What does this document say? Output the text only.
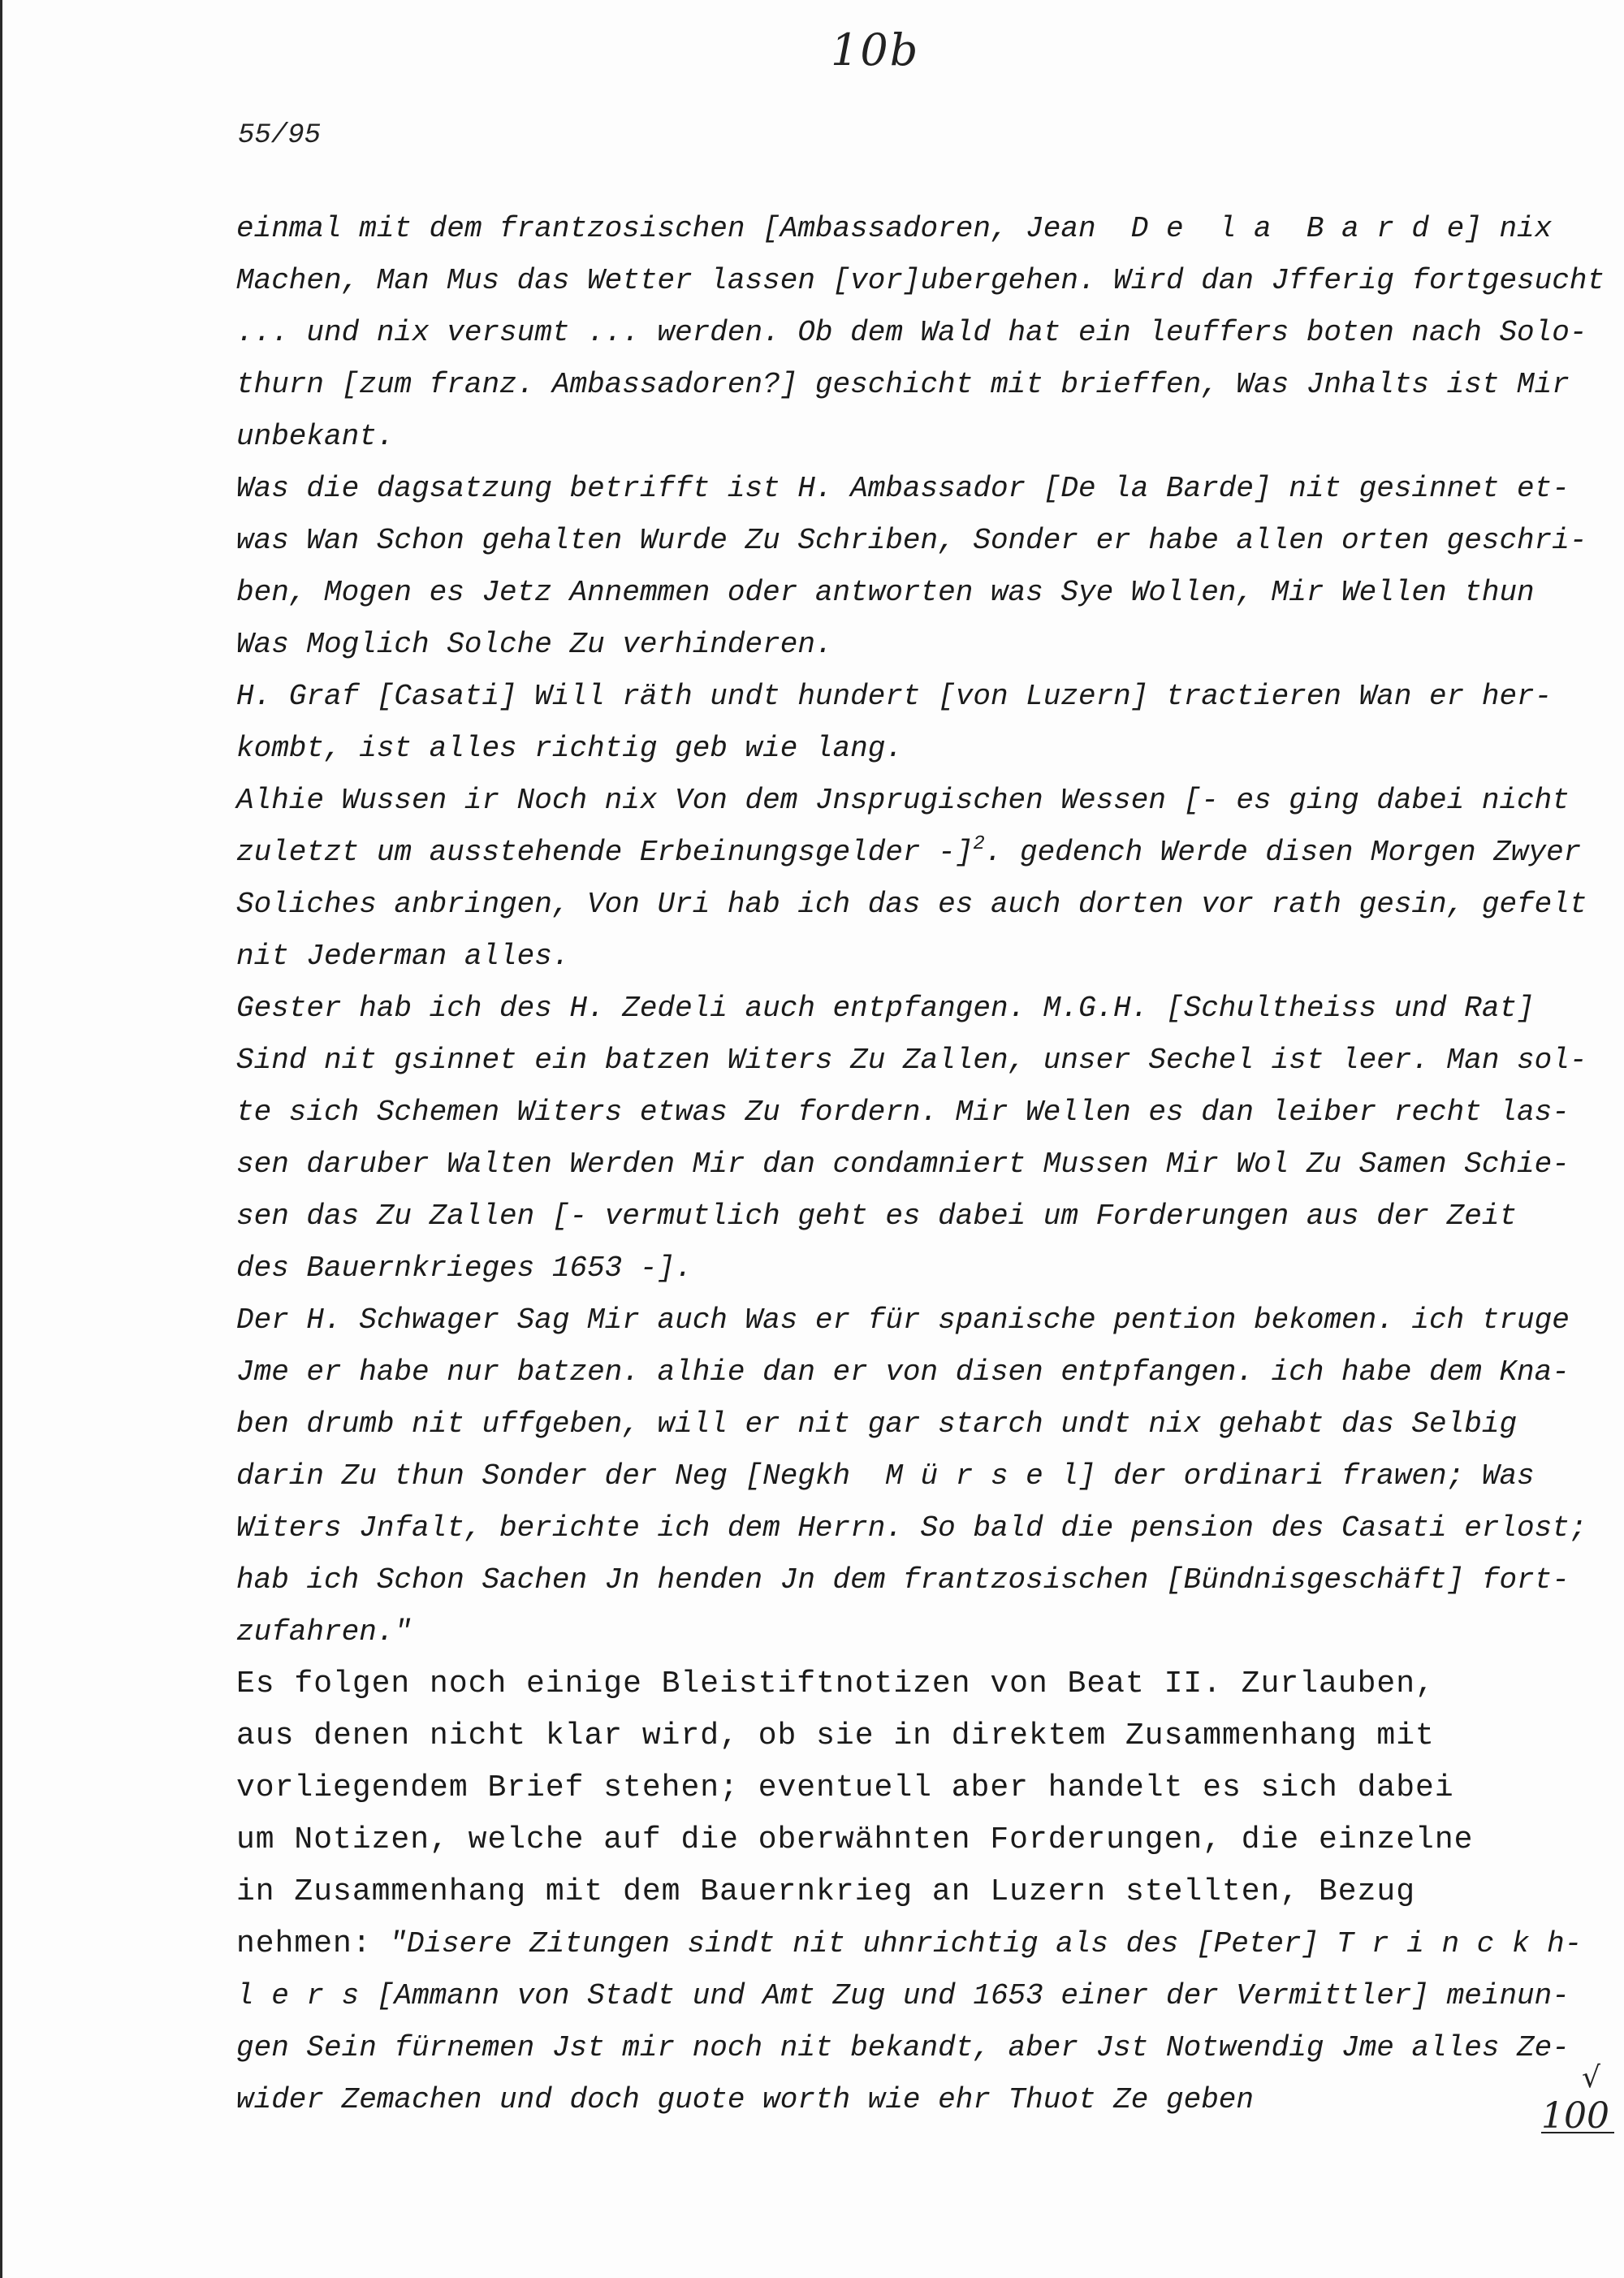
10b
55/95
einmal mit dem frantzosischen [Ambassadoren, Jean  D e  l a  B a r d e] nix
Machen, Man Mus das Wetter lassen [vor]ubergehen. Wird dan Jfferig fortgesucht
... und nix versumt ... werden. Ob dem Wald hat ein leuffers boten nach Solo-
thurn [zum franz. Ambassadoren?] geschicht mit brieffen, Was Jnhalts ist Mir
unbekant.
Was die dagsatzung betrifft ist H. Ambassador [De la Barde] nit gesinnet et-
was Wan Schon gehalten Wurde Zu Schriben, Sonder er habe allen orten geschri-
ben, Mogen es Jetz Annemmen oder antworten was Sye Wollen, Mir Wellen thun
Was Moglich Solche Zu verhinderen.
H. Graf [Casati] Will räth undt hundert [von Luzern] tractieren Wan er her-
kombt, ist alles richtig geb wie lang.
Alhie Wussen ir Noch nix Von dem Jnsprugischen Wessen [- es ging dabei nicht
zuletzt um ausstehende Erbeinungsgelder -]$^2$. gedench Werde disen Morgen Zwyer
Soliches anbringen, Von Uri hab ich das es auch dorten vor rath gesin, gefelt
nit Jederman alles.
Gester hab ich des H. Zedeli auch entpfangen. M.G.H. [Schultheiss und Rat]
Sind nit gsinnet ein batzen Witers Zu Zallen, unser Sechel ist leer. Man sol-
te sich Schemen Witers etwas Zu fordern. Mir Wellen es dan leiber recht las-
sen daruber Walten Werden Mir dan condamniert Mussen Mir Wol Zu Samen Schie-
sen das Zu Zallen [- vermutlich geht es dabei um Forderungen aus der Zeit
des Bauernkrieges 1653 -].
Der H. Schwager Sag Mir auch Was er für spanische pention bekomen. ich truge
Jme er habe nur batzen. alhie dan er von disen entpfangen. ich habe dem Kna-
ben drumb nit uffgeben, will er nit gar starch undt nix gehabt das Selbig
darin Zu thun Sonder der Neg [Negkh  M ü r s e l] der ordinari frawen; Was
Witers Jnfalt, berichte ich dem Herrn. So bald die pension des Casati erlost;
hab ich Schon Sachen Jn henden Jn dem frantzosischen [Bündnisgeschäft] fort-
zufahren."
Es folgen noch einige Bleistiftnotizen von Beat II. Zurlauben,
aus denen nicht klar wird, ob sie in direktem Zusammenhang mit
vorliegendem Brief stehen; eventuell aber handelt es sich dabei
um Notizen, welche auf die oberwähnten Forderungen, die einzelne
in Zusammenhang mit dem Bauernkrieg an Luzern stellten, Bezug
nehmen: "Disere Zitungen sindt nit uhnrichtig als des [Peter] T r i n c k h-
l e r s [Ammann von Stadt und Amt Zug und 1653 einer der Vermittler] meinun-
gen Sein fürnemen Jst mir noch nit bekandt, aber Jst Notwendig Jme alles Ze-
wider Zemachen und doch guote worth wie ehr Thuot Ze geben
√
100
